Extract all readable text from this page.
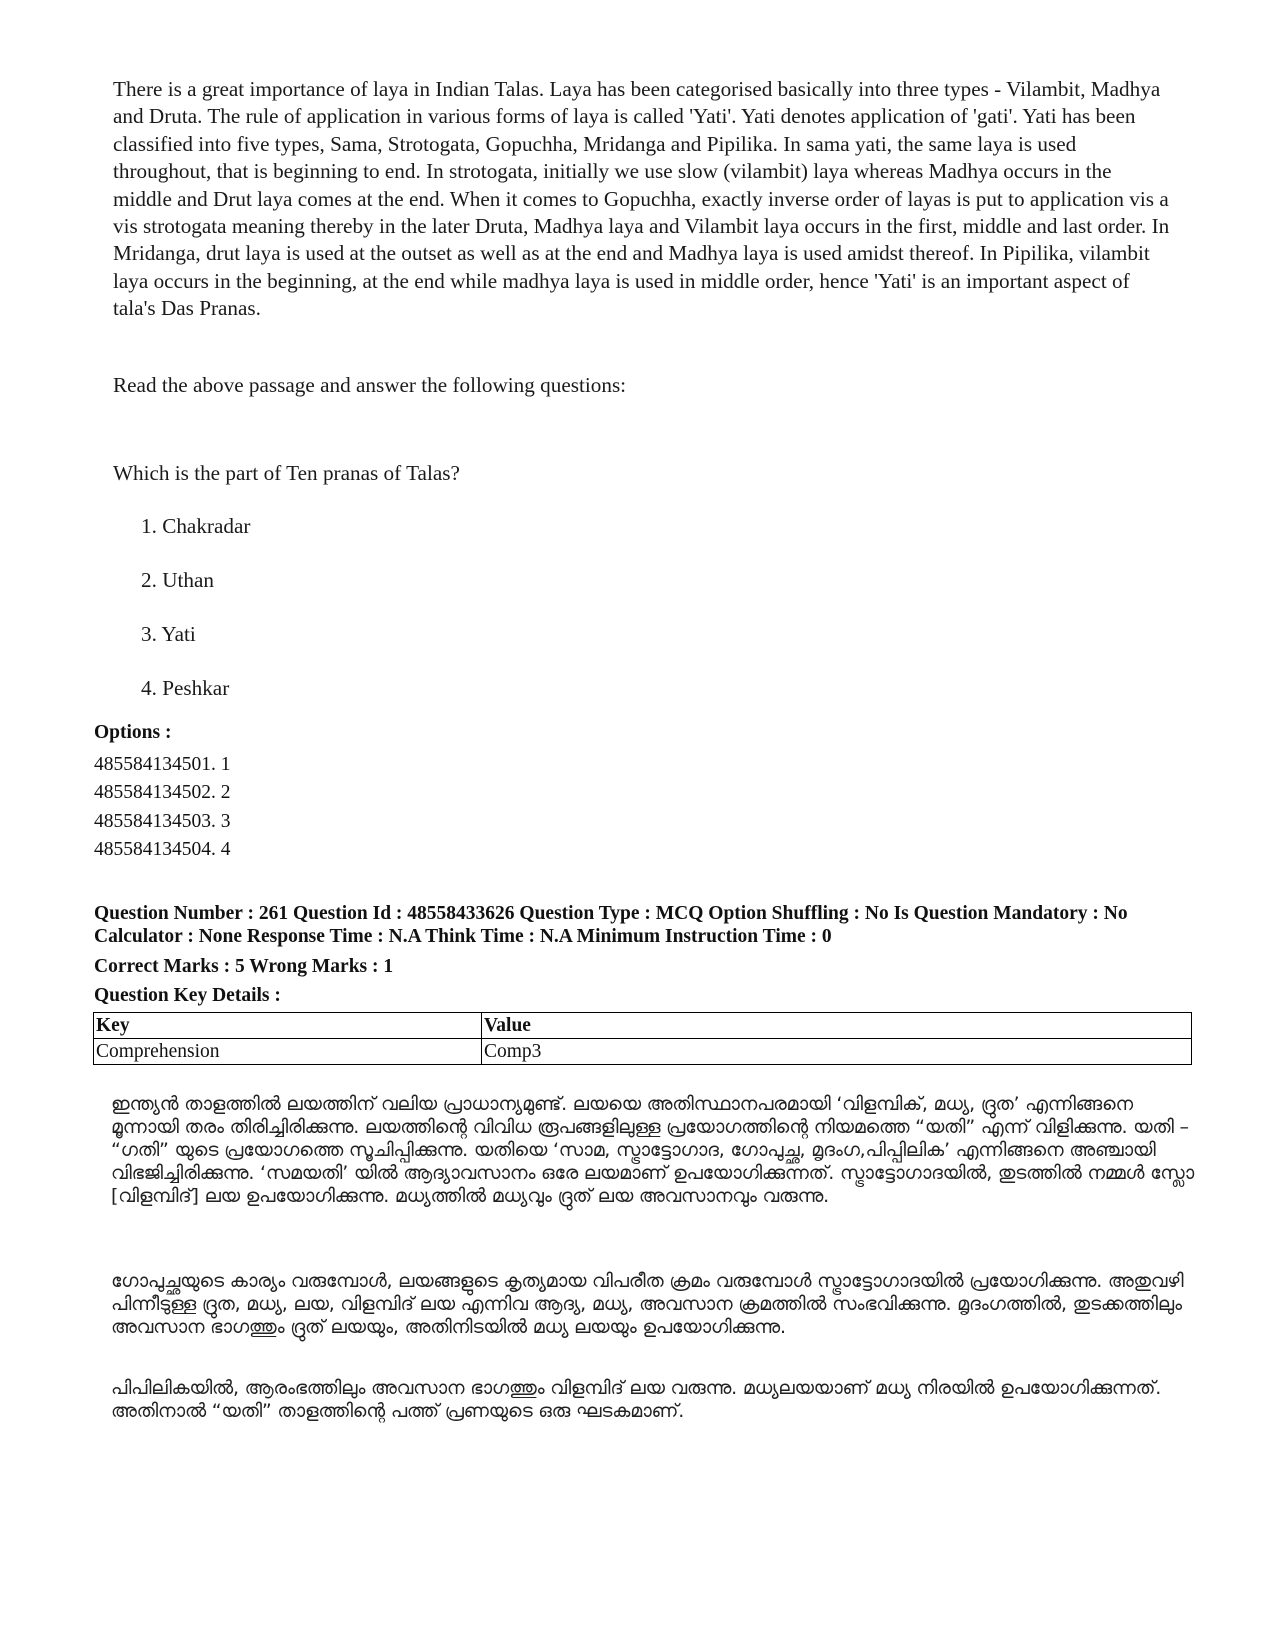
There is a great importance of laya in Indian Talas. Laya has been categorised basically into three types - Vilambit, Madhya and Druta. The rule of application in various forms of laya is called 'Yati'. Yati denotes application of 'gati'. Yati has been classified into five types, Sama, Strotogata, Gopuchha, Mridanga and Pipilika. In sama yati, the same laya is used throughout, that is beginning to end. In strotogata, initially we use slow (vilambit) laya whereas Madhya occurs in the middle and Drut laya comes at the end. When it comes to Gopuchha, exactly inverse order of layas is put to application vis a vis strotogata meaning thereby in the later Druta, Madhya laya and Vilambit laya occurs in the first, middle and last order. In Mridanga, drut laya is used at the outset as well as at the end and Madhya laya is used amidst thereof. In Pipilika, vilambit laya occurs in the beginning, at the end while madhya laya is used in middle order, hence 'Yati' is an important aspect of tala's Das Pranas.

Read the above passage and answer the following questions:

Which is the part of Ten pranas of Talas?

1. Chakradar
2. Uthan
3. Yati
4. Peshkar

Options :

485584134501. 1
485584134502. 2
485584134503. 3
485584134504. 4

Question Number : 261 Question Id : 48558433626 Question Type : MCQ Option Shuffling : No Is Question Mandatory : No Calculator : None Response Time : N.A Think Time : N.A Minimum Instruction Time : 0

Correct Marks : 5 Wrong Marks : 1

Question Key Details :

Key	Value
Comprehension	Comp3

ഇന്ത്യൻ താളത്തിൽ ലയത്തിന് വലിയ പ്രാധാന്യമുണ്ട്. ലയയെ അതിസ്ഥാനപരമായി ‘വിളമ്പിക്, മധ്യ, ദ്രുത’ എന്നിങ്ങനെ മൂന്നായി തരം തിരിച്ചിരിക്കുന്നു. ലയത്തിന്റെ വിവിധ രൂപങ്ങളിലുള്ള പ്രയോഗത്തിന്റെ നിയമത്തെ “യതി” എന്ന് വിളിക്കുന്നു. യതി – “ഗതി” യുടെ പ്രയോഗത്തെ സൂചിപ്പിക്കുന്നു. യതിയെ ‘സാമ, സ്ട്രാട്ടോഗാദ, ഗോപുച്ഛ, മൃദംഗ,പിപ്പിലിക’ എന്നിങ്ങനെ അഞ്ചായി വിഭജിച്ചിരിക്കുന്നു. ‘സമയതി’ യിൽ ആദ്യാവസാനം ഒരേ ലയമാണ് ഉപയോഗിക്കുന്നത്. സ്ട്രാട്ടോഗാദയിൽ, തുടത്തിൽ നമ്മൾ സ്ലോ [വിളമ്പിദ്] ലയ ഉപയോഗിക്കുന്നു. മധ്യത്തിൽ മധ്യവും ദ്രുത് ലയ അവസാനവും വരുന്നു.

ഗോപുച്ഛയുടെ കാര്യം വരുമ്പോൾ, ലയങ്ങളുടെ കൃത്യമായ വിപരീത ക്രമം വരുമ്പോൾ സ്ട്രാട്ടോഗാദയിൽ പ്രയോഗിക്കുന്നു. അതുവഴി പിന്നീടുള്ള ദ്രുത, മധ്യ, ലയ, വിളമ്പിദ് ലയ എന്നിവ ആദ്യ, മധ്യ, അവസാന ക്രമത്തിൽ സംഭവിക്കുന്നു. മൃദംഗത്തിൽ, തുടക്കത്തിലും അവസാന ഭാഗത്തും ദ്രുത് ലയയും, അതിനിടയിൽ മധ്യ ലയയും ഉപയോഗിക്കുന്നു.

പിപിലികയിൽ, ആരംഭത്തിലും അവസാന ഭാഗത്തും വിളമ്പിദ് ലയ വരുന്നു. മധ്യലയയാണ് മധ്യ നിരയിൽ ഉപയോഗിക്കുന്നത്. അതിനാൽ “യതി” താളത്തിന്റെ പത്ത് പ്രണയുടെ ഒരു ഘടകമാണ്.
